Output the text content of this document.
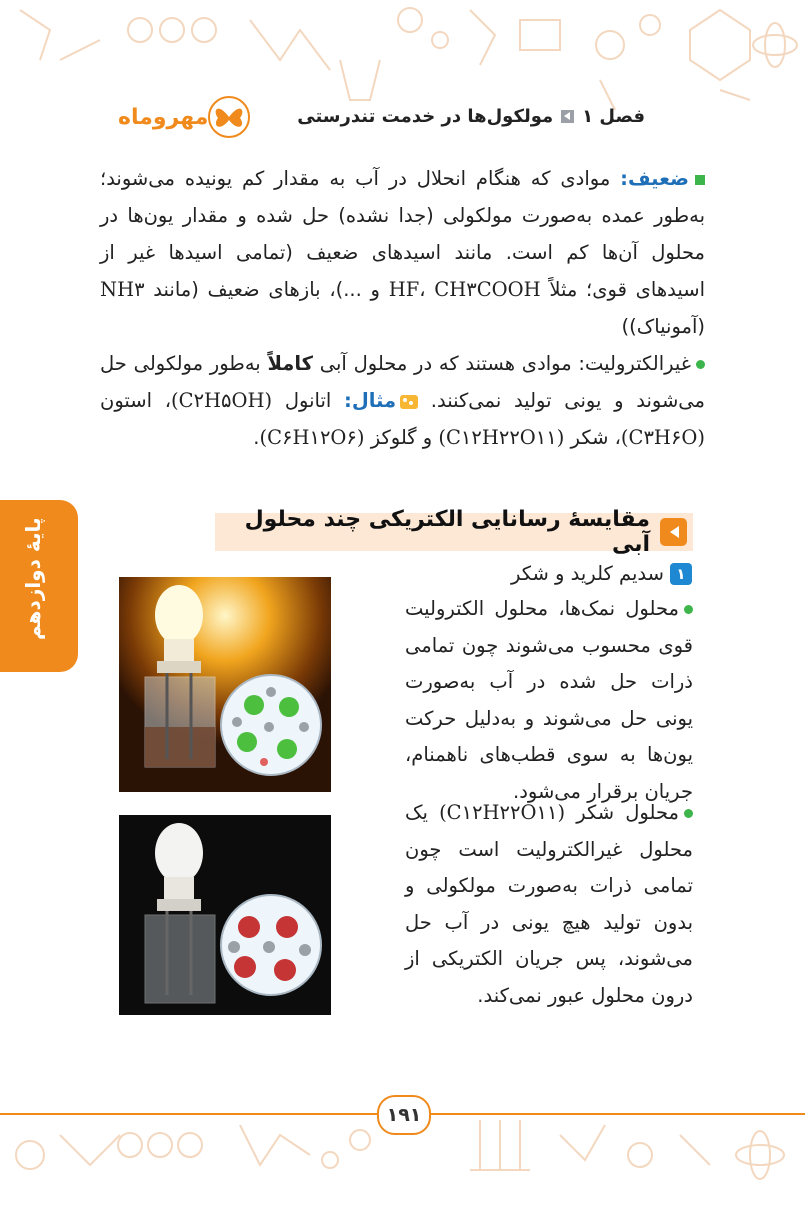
مهروماه	فصل ۱
مولکول‌ها در خدمت تندرستی
ضعیف: موادی که هنگام انحلال در آب به مقدار کم یونیده می‌شوند؛ به‌طور عمده به‌صورت مولکولی (جدا نشده) حل شده و مقدار یون‌ها در محلول آن‌ها کم است. مانند اسیدهای ضعیف (تمامی اسیدها غیر از اسیدهای قوی؛ مثلاً HF، CH۳COOH و ...)، بازهای ضعیف (مانند NH۳ (آمونیاک))
غیرالکترولیت: موادی هستند که در محلول آبی کاملاً به‌طور مولکولی حل می‌شوند و یونی تولید نمی‌کنند. مثال: اتانول (C۲H۵OH)، استون (C۳H۶O)، شکر (C۱۲H۲۲O۱۱) و گلوکز (C۶H۱۲O۶).
پایهٔ دوازدهم	مقایسهٔ رسانایی الکتریکی چند محلول آبی
۱
سدیم کلرید و شکر
محلول نمک‌ها، محلول الکترولیت قوی محسوب می‌شوند چون تمامی ذرات حل شده در آب به‌صورت یونی حل می‌شوند و به‌دلیل حرکت یون‌ها به سوی قطب‌های ناهمنام، جریان برقرار می‌شود.
محلول شکر (C۱۲H۲۲O۱۱) یک محلول غیرالکترولیت است چون تمامی ذرات به‌صورت مولکولی و بدون تولید هیچ یونی در آب حل می‌شوند، پس جریان الکتریکی از درون محلول عبور نمی‌کند.
۱۹۱
